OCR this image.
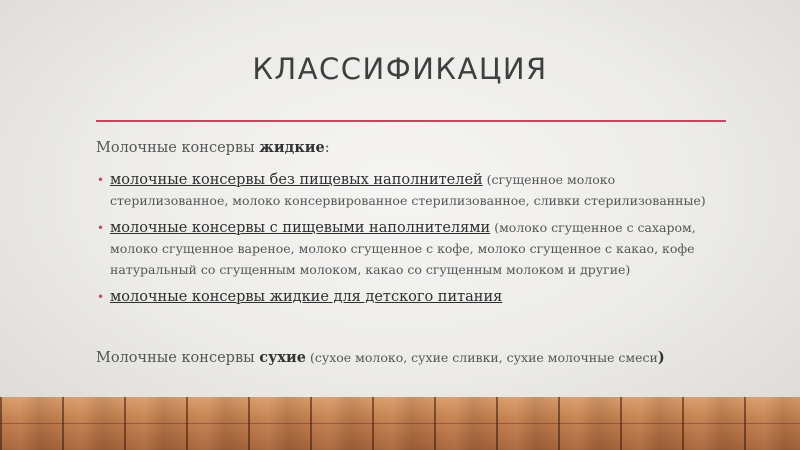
КЛАССИФИКАЦИЯ

Молочные консервы жидкие:

• молочные консервы без пищевых наполнителей (сгущенное молоко стерилизованное, молоко консервированное стерилизованное, сливки стерилизованные)
• молочные консервы с пищевыми наполнителями (молоко сгущенное с сахаром, молоко сгущенное вареное, молоко сгущенное с кофе, молоко сгущенное с какао, кофе натуральный со сгущенным молоком, какао со сгущенным молоком и другие)
• молочные консервы жидкие для детского питания
Молочные консервы сухие (сухое молоко, сухие сливки, сухие молочные смеси)
